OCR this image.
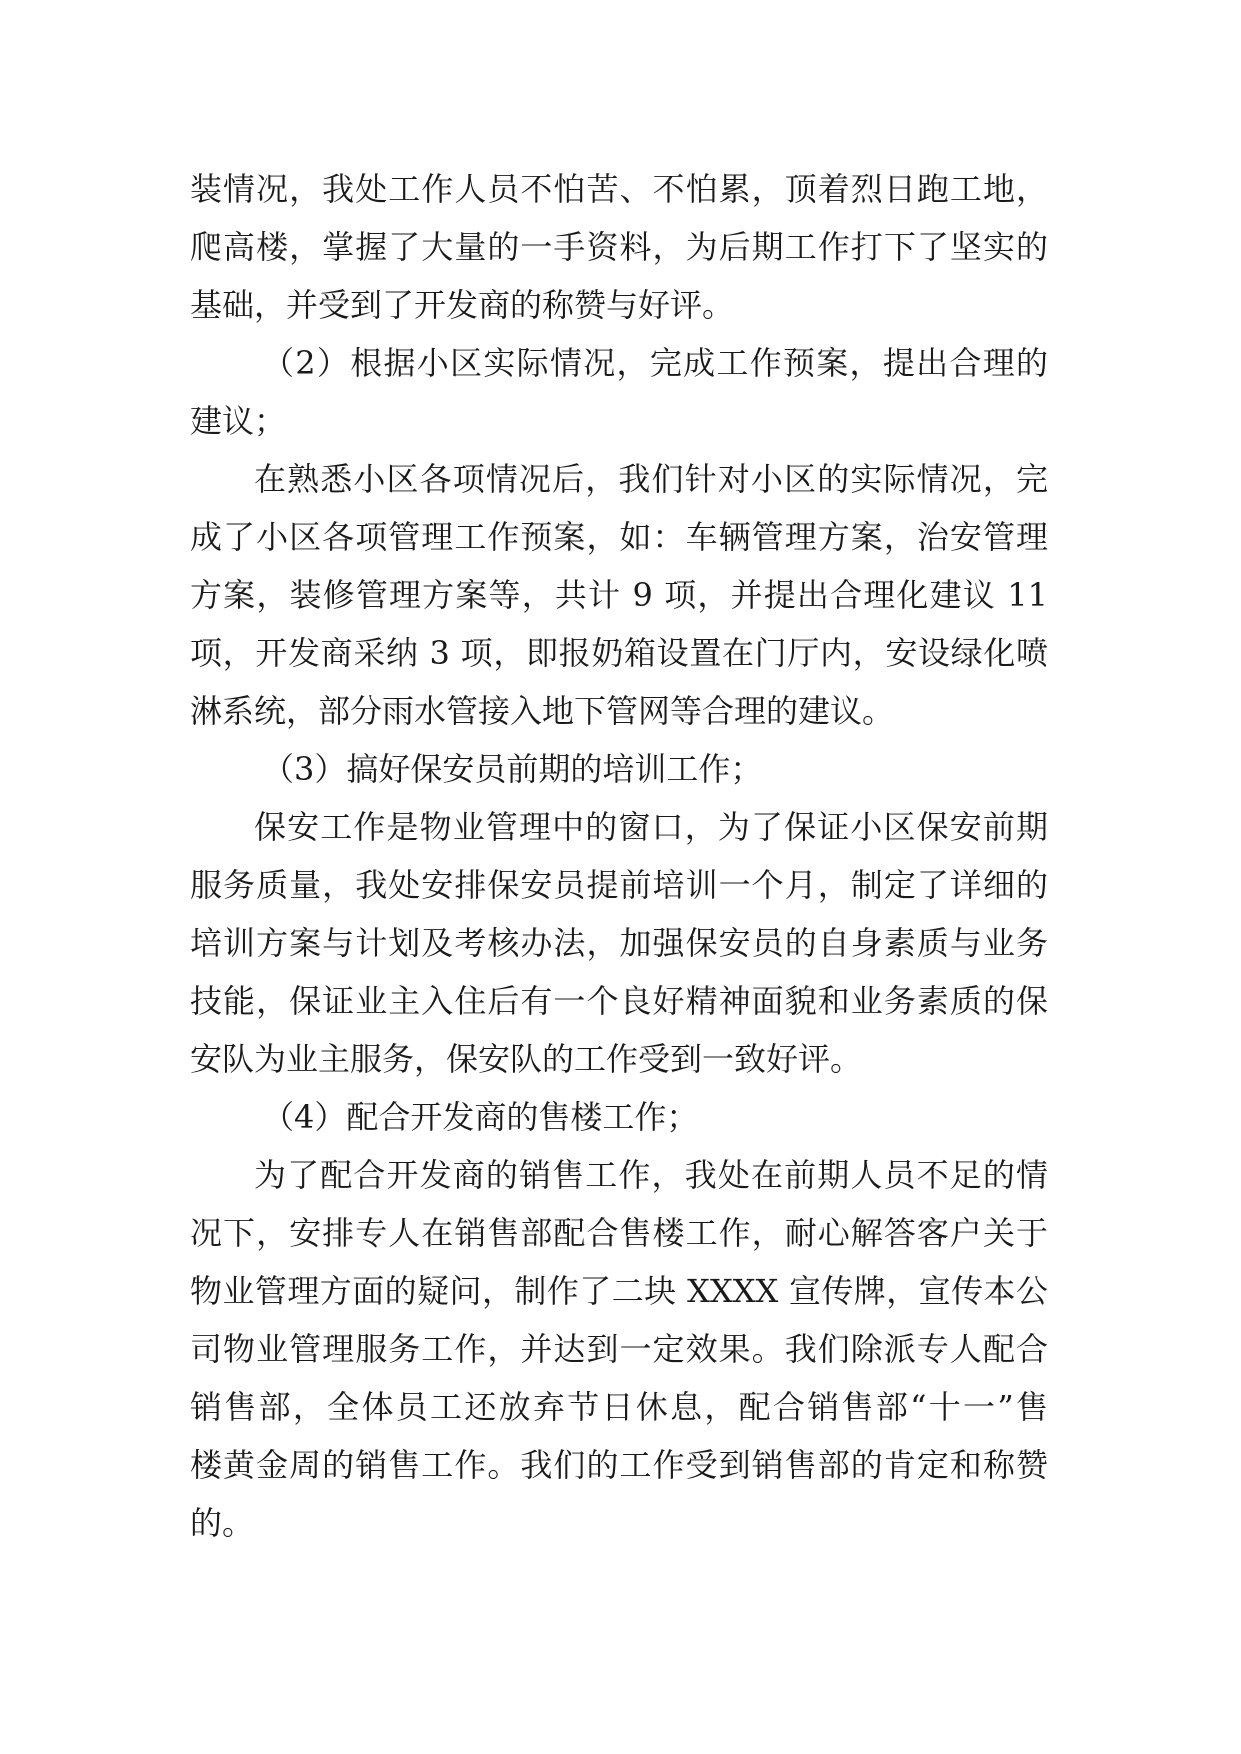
装情况，我处工作人员不怕苦、不怕累，顶着烈日跑工地，
爬高楼，掌握了大量的一手资料，为后期工作打下了坚实的
基础，并受到了开发商的称赞与好评。
（2）根据小区实际情况，完成工作预案，提出合理的
建议；
在熟悉小区各项情况后，我们针对小区的实际情况，完
成了小区各项管理工作预案，如：车辆管理方案，治安管理
方案，装修管理方案等，共计 9 项，并提出合理化建议 11
项，开发商采纳 3 项，即报奶箱设置在门厅内，安设绿化喷
淋系统，部分雨水管接入地下管网等合理的建议。
（3）搞好保安员前期的培训工作；
保安工作是物业管理中的窗口，为了保证小区保安前期
服务质量，我处安排保安员提前培训一个月，制定了详细的
培训方案与计划及考核办法，加强保安员的自身素质与业务
技能，保证业主入住后有一个良好精神面貌和业务素质的保
安队为业主服务，保安队的工作受到一致好评。
（4）配合开发商的售楼工作；
为了配合开发商的销售工作，我处在前期人员不足的情
况下，安排专人在销售部配合售楼工作，耐心解答客户关于
物业管理方面的疑问，制作了二块 XXXX 宣传牌，宣传本公
司物业管理服务工作，并达到一定效果。我们除派专人配合
销售部，全体员工还放弃节日休息，配合销售部“十一”售
楼黄金周的销售工作。我们的工作受到销售部的肯定和称赞
的。
